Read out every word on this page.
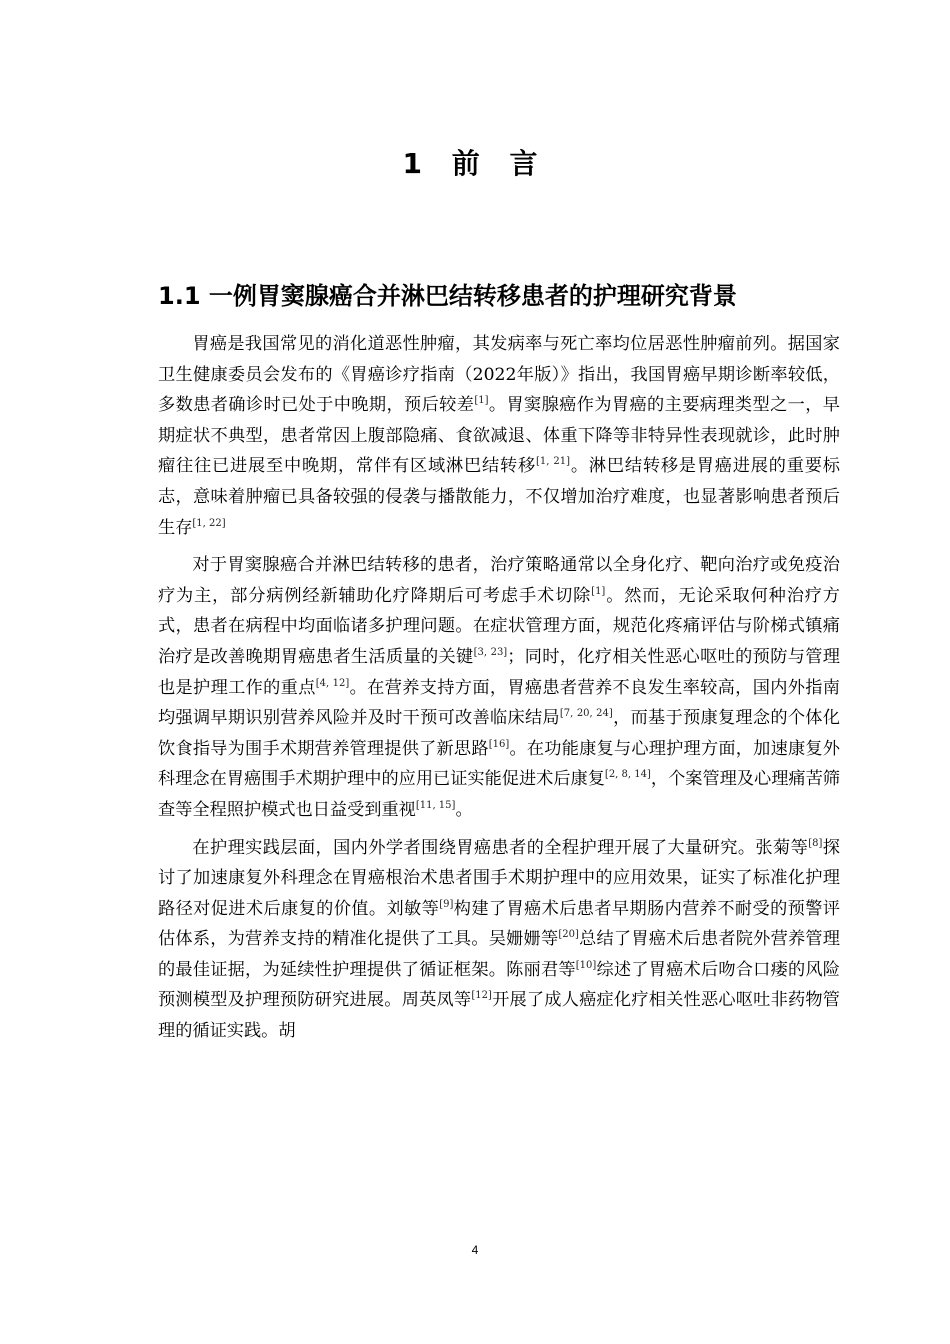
1 前 言
1.1 一例胃窦腺癌合并淋巴结转移患者的护理研究背景

胃癌是我国常见的消化道恶性肿瘤，其发病率与死亡率均位居恶性肿瘤前列。据国家卫生健康委员会发布的《胃癌诊疗指南（2022年版）》指出，我国胃癌早期诊断率较低，多数患者确诊时已处于中晚期，预后较差[1]。胃窦腺癌作为胃癌的主要病理类型之一，早期症状不典型，患者常因上腹部隐痛、食欲减退、体重下降等非特异性表现就诊，此时肿瘤往往已进展至中晚期，常伴有区域淋巴结转移[1, 21]。淋巴结转移是胃癌进展的重要标志，意味着肿瘤已具备较强的侵袭与播散能力，不仅增加治疗难度，也显著影响患者预后生存[1, 22]

对于胃窦腺癌合并淋巴结转移的患者，治疗策略通常以全身化疗、靶向治疗或免疫治疗为主，部分病例经新辅助化疗降期后可考虑手术切除[1]。然而，无论采取何种治疗方式，患者在病程中均面临诸多护理问题。在症状管理方面，规范化疼痛评估与阶梯式镇痛治疗是改善晚期胃癌患者生活质量的关键[3, 23]；同时，化疗相关性恶心呕吐的预防与管理也是护理工作的重点[4, 12]。在营养支持方面，胃癌患者营养不良发生率较高，国内外指南均强调早期识别营养风险并及时干预可改善临床结局[7, 20, 24]，而基于预康复理念的个体化饮食指导为围手术期营养管理提供了新思路[16]。在功能康复与心理护理方面，加速康复外科理念在胃癌围手术期护理中的应用已证实能促进术后康复[2, 8, 14]，个案管理及心理痛苦筛查等全程照护模式也日益受到重视[11, 15]。

在护理实践层面，国内外学者围绕胃癌患者的全程护理开展了大量研究。张菊等[8]探讨了加速康复外科理念在胃癌根治术患者围手术期护理中的应用效果，证实了标准化护理路径对促进术后康复的价值。刘敏等[9]构建了胃癌术后患者早期肠内营养不耐受的预警评估体系，为营养支持的精准化提供了工具。吴姗姗等[20]总结了胃癌术后患者院外营养管理的最佳证据，为延续性护理提供了循证框架。陈丽君等[10]综述了胃癌术后吻合口瘘的风险预测模型及护理预防研究进展。周英凤等[12]开展了成人癌症化疗相关性恶心呕吐非药物管理的循证实践。胡

4
